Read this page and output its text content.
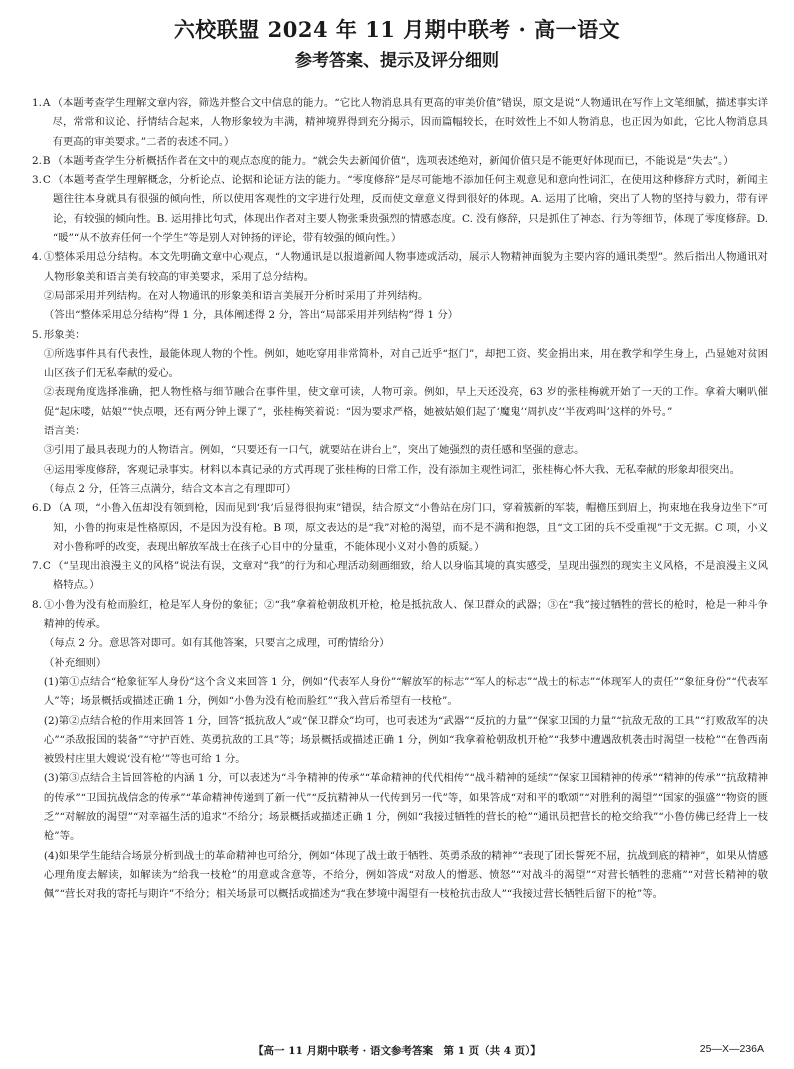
六校联盟 2024 年 11 月期中联考 · 高一语文
参考答案、提示及评分细则
1.A （本题考查学生理解文章内容，筛选并整合文中信息的能力。“它比人物消息具有更高的审美价值”错误，原文是说“人物通讯在写作上文笔细腻，描述事实详尽，常常和议论、抒情结合起来，人物形象较为丰满，精神境界得到充分揭示，因而篇幅较长，在时效性上不如人物消息，也正因为如此，它比人物消息具有更高的审美要求。”二者的表述不同。）

2.B （本题考查学生分析概括作者在文中的观点态度的能力。“就会失去新闻价值”，选项表述绝对，新闻价值只是不能更好体现而已，不能说是“失去”。）

3.C （本题考查学生理解概念，分析论点、论据和论证方法的能力。“零度修辞”是尽可能地不添加任何主观意见和意向性词汇，在使用这种修辞方式时，新闻主题往往本身就具有很强的倾向性，所以使用客观性的文字进行处理，反而使文章意义得到很好的体现。A. 运用了比喻，突出了人物的坚持与毅力，带有评论，有较强的倾向性。B. 运用排比句式，体现出作者对主要人物张秉贵强烈的情感态度。C. 没有修辞，只是抓住了神态、行为等细节，体现了零度修辞。D. “暖”“从不放弃任何一个学生”等是别人对钟扬的评论，带有较强的倾向性。）

4. ①整体采用总分结构。本文先明确文章中心观点，“人物通讯是以报道新闻人物事迹或活动，展示人物精神面貌为主要内容的通讯类型”。然后指出人物通讯对人物形象美和语言美有较高的审美要求，采用了总分结构。

②局部采用并列结构。在对人物通讯的形象美和语言美展开分析时采用了并列结构。

（答出“整体采用总分结构”得 1 分，具体阐述得 2 分，答出“局部采用并列结构”得 1 分）

5. 形象美：

①所选事件具有代表性，最能体现人物的个性。例如，她吃穿用非常简朴，对自己近乎“抠门”，却把工资、奖金捐出来，用在教学和学生身上，凸显她对贫困山区孩子们无私奉献的爱心。

②表现角度选择准确，把人物性格与细节融合在事件里，使文章可读，人物可亲。例如，早上天还没亮，63 岁的张桂梅就开始了一天的工作。拿着大喇叭催促“起床喽，姑娘”“快点喂，还有两分钟上课了”，张桂梅笑着说：“因为要求严格，她被姑娘们起了‘魔鬼’‘周扒皮’‘半夜鸡叫’这样的外号。”

语言美：

③引用了最具表现力的人物语言。例如，“只要还有一口气，就要站在讲台上”，突出了她强烈的责任感和坚强的意志。

④运用零度修辞，客观记录事实。材料以本真记录的方式再现了张桂梅的日常工作，没有添加主观性词汇，张桂梅心怀大我、无私奉献的形象却很突出。

（每点 2 分，任答三点满分，结合文本言之有理即可）

6.D （A 项，“小鲁入伍却没有领到枪，因而见到‘我’后显得很拘束”错误，结合原文“小鲁站在房门口，穿着簇新的军装，帽檐压到眉上，拘束地在我身边坐下”可知，小鲁的拘束是性格原因，不是因为没有枪。B 项，原文表达的是“我”对枪的渴望，而不是不满和抱怨，且“文工团的兵不受重视”于文无据。C 项，小义对小鲁称呼的改变，表现出解放军战士在孩子心目中的分量重，不能体现小义对小鲁的质疑。）

7.C （“呈现出浪漫主义的风格”说法有误，文章对“我”的行为和心理活动刻画细致，给人以身临其境的真实感受，呈现出强烈的现实主义风格，不是浪漫主义风格特点。）

8. ①小鲁为没有枪而脸红，枪是军人身份的象征；②“我”拿着枪朝敌机开枪，枪是抵抗敌人、保卫群众的武器；③在“我”接过牺牲的营长的枪时，枪是一种斗争精神的传承。

（每点 2 分。意思答对即可。如有其他答案，只要言之成理，可酌情给分）

（补充细则）

(1)第①点结合“枪象征军人身份”这个含义来回答 1 分，例如“代表军人身份”“解放军的标志”“军人的标志”“战士的标志”“体现军人的责任”“象征身份”“代表军人”等；场景概括或描述正确 1 分，例如“小鲁为没有枪而脸红”“我入营后希望有一枝枪”。

(2)第②点结合枪的作用来回答 1 分，回答“抵抗敌人”或“保卫群众”均可，也可表述为“武器”“反抗的力量”“保家卫国的力量”“抗敌无敌的工具”“打败敌军的决心”“杀敌报国的装备”“守护百姓、英勇抗敌的工具”等；场景概括或描述正确 1 分，例如“我拿着枪朝敌机开枪”“我梦中遭遇敌机袭击时渴望一枝枪”“在鲁西南被毁村庄里大嫂说‘没有枪’”等也可给 1 分。

(3)第③点结合主旨回答枪的内涵 1 分，可以表述为“斗争精神的传承”“革命精神的代代相传”“战斗精神的延续”“保家卫国精神的传承”“精神的传承”“抗敌精神的传承”“卫国抗战信念的传承”“革命精神传递到了新一代”“反抗精神从一代传到另一代”等，如果答成“对和平的歌颂”“对胜利的渴望”“国家的强盛”“物资的匮乏”“对解放的渴望”“对幸福生活的追求”不给分；场景概括或描述正确 1 分，例如“我接过牺牲的营长的枪”“通讯员把营长的枪交给我”“小鲁仿佛已经背上一枝枪”等。

(4)如果学生能结合场景分析到战士的革命精神也可给分，例如“体现了战士敢于牺牲、英勇杀敌的精神”“表现了团长誓死不屈，抗战到底的精神”，如果从情感心理角度去解读，如解读为“给我一枝枪”的用意或含意等，不给分，例如答成“对敌人的憎恶、愤怒”“对战斗的渴望”“对营长牺牲的悲痛”“对营长精神的敬佩”“营长对我的寄托与期许”不给分；相关场景可以概括或描述为“我在梦境中渴望有一枝枪抗击敌人”“我接过营长牺牲后留下的枪”等。

【高一 11 月期中联考 · 语文参考答案　第 1 页（共 4 页）】	25—X—236A
